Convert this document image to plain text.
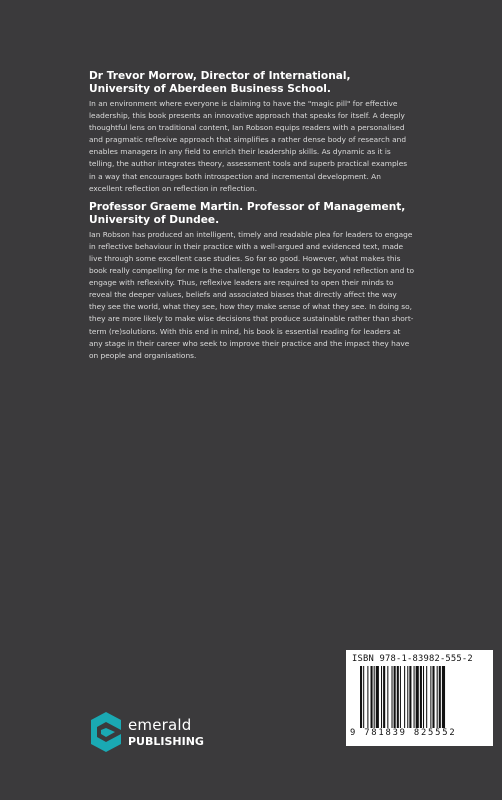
Dr Trevor Morrow, Director of International, University of Aberdeen Business School.

In an environment where everyone is claiming to have the "magic pill" for effective leadership, this book presents an innovative approach that speaks for itself. A deeply thoughtful lens on traditional content, Ian Robson equips readers with a personalised and pragmatic reflexive approach that simplifies a rather dense body of research and enables managers in any field to enrich their leadership skills. As dynamic as it is telling, the author integrates theory, assessment tools and superb practical examples in a way that encourages both introspection and incremental development. An excellent reflection on reflection in reflection.

Professor Graeme Martin. Professor of Management, University of Dundee.

Ian Robson has produced an intelligent, timely and readable plea for leaders to engage in reflective behaviour in their practice with a well-argued and evidenced text, made live through some excellent case studies. So far so good. However, what makes this book really compelling for me is the challenge to leaders to go beyond reflection and to engage with reflexivity. Thus, reflexive leaders are required to open their minds to reveal the deeper values, beliefs and associated biases that directly affect the way they see the world, what they see, how they make sense of what they see. In doing so, they are more likely to make wise decisions that produce sustainable rather than short-term (re)solutions. With this end in mind, his book is essential reading for leaders at any stage in their career who seek to improve their practice and the impact they have on people and organisations.

emerald
PUBLISHING
ISBN 978-1-83982-555-2
9 781839 825552
